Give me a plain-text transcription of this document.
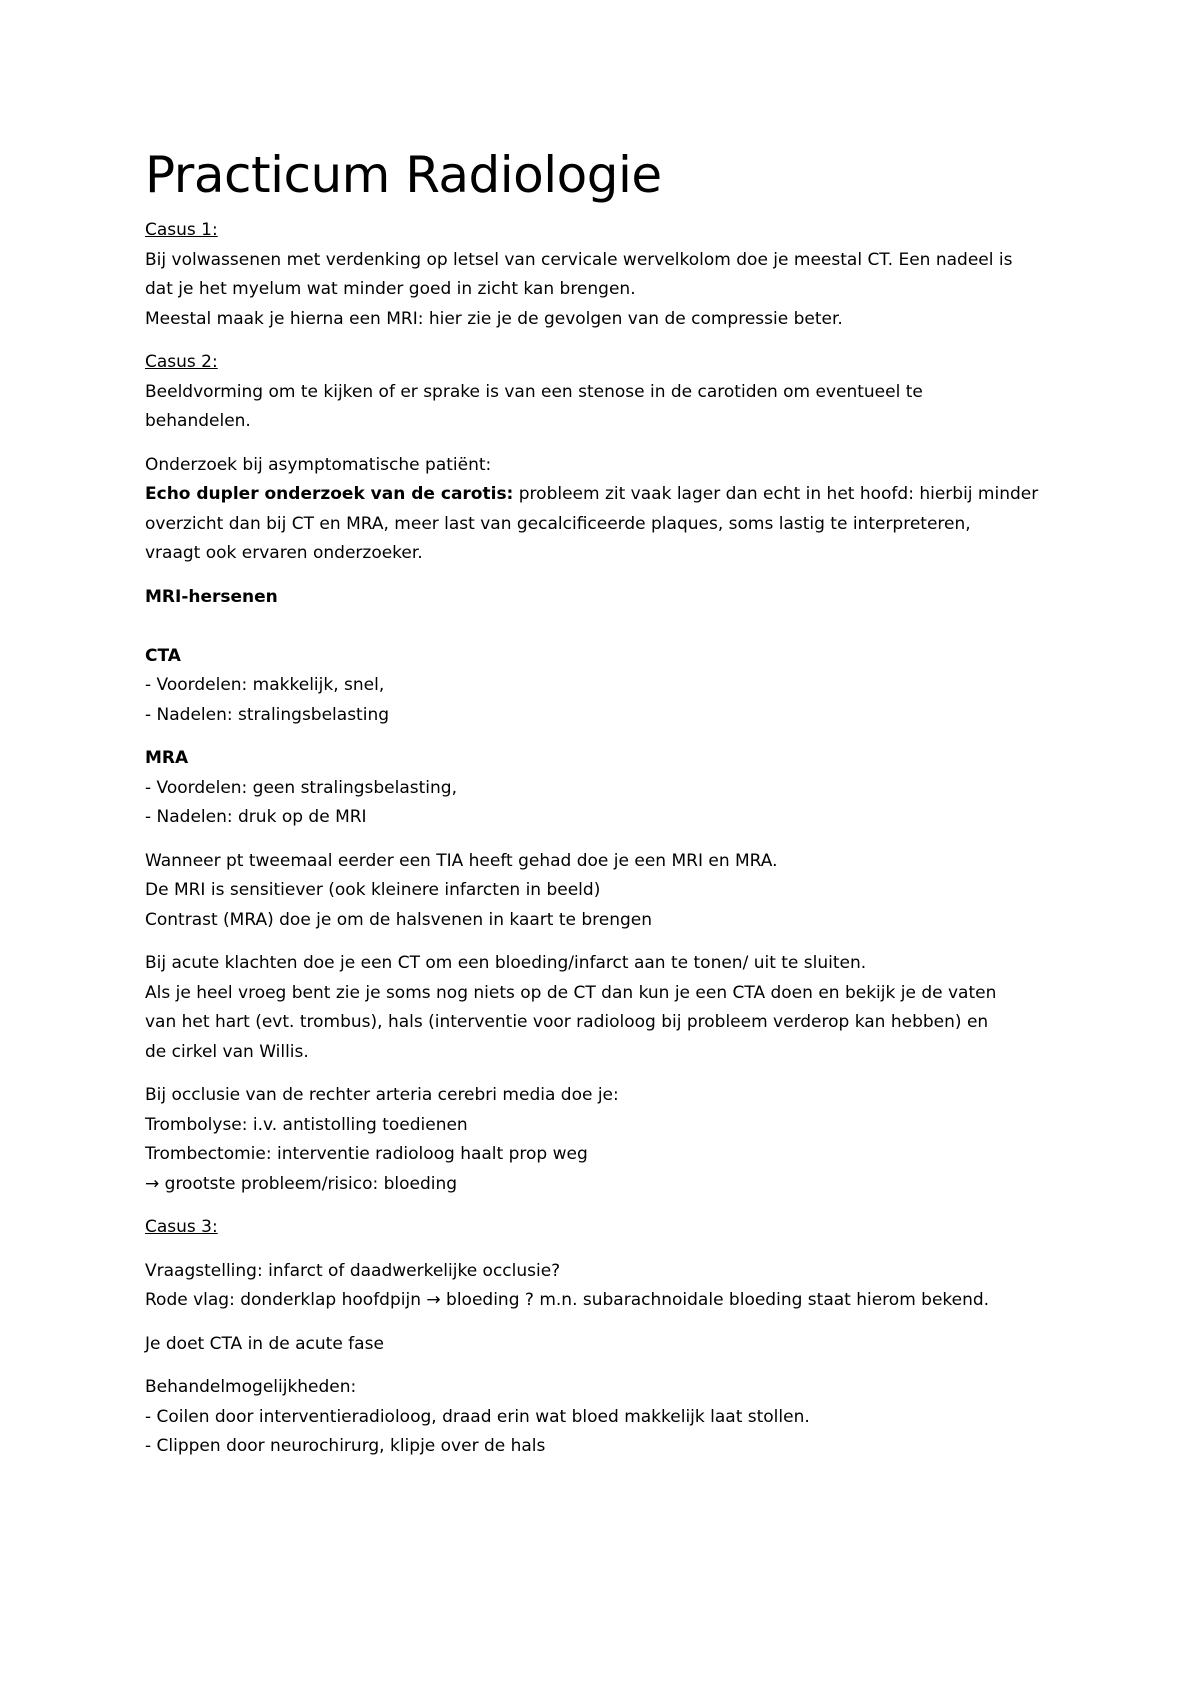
Practicum Radiologie
Casus 1:
Bij volwassenen met verdenking op letsel van cervicale wervelkolom doe je meestal CT. Een nadeel is
dat je het myelum wat minder goed in zicht kan brengen.
Meestal maak je hierna een MRI: hier zie je de gevolgen van de compressie beter.
Casus 2:
Beeldvorming om te kijken of er sprake is van een stenose in de carotiden om eventueel te
behandelen.
Onderzoek bij asymptomatische patiënt:
Echo dupler onderzoek van de carotis: probleem zit vaak lager dan echt in het hoofd: hierbij minder
overzicht dan bij CT en MRA, meer last van gecalcificeerde plaques, soms lastig te interpreteren,
vraagt ook ervaren onderzoeker.
MRI-hersenen
CTA
- Voordelen: makkelijk, snel,
- Nadelen: stralingsbelasting
MRA
- Voordelen: geen stralingsbelasting,
- Nadelen: druk op de MRI
Wanneer pt tweemaal eerder een TIA heeft gehad doe je een MRI en MRA.
De MRI is sensitiever (ook kleinere infarcten in beeld)
Contrast (MRA) doe je om de halsvenen in kaart te brengen
Bij acute klachten doe je een CT om een bloeding/infarct aan te tonen/ uit te sluiten.
Als je heel vroeg bent zie je soms nog niets op de CT dan kun je een CTA doen en bekijk je de vaten
van het hart (evt. trombus), hals (interventie voor radioloog bij probleem verderop kan hebben) en
de cirkel van Willis.
Bij occlusie van de rechter arteria cerebri media doe je:
Trombolyse: i.v. antistolling toedienen
Trombectomie: interventie radioloog haalt prop weg
→ grootste probleem/risico: bloeding
Casus 3:
Vraagstelling: infarct of daadwerkelijke occlusie?
Rode vlag: donderklap hoofdpijn → bloeding ? m.n. subarachnoidale bloeding staat hierom bekend.
Je doet CTA in de acute fase
Behandelmogelijkheden:
- Coilen door interventieradioloog, draad erin wat bloed makkelijk laat stollen.
- Clippen door neurochirurg, klipje over de hals
